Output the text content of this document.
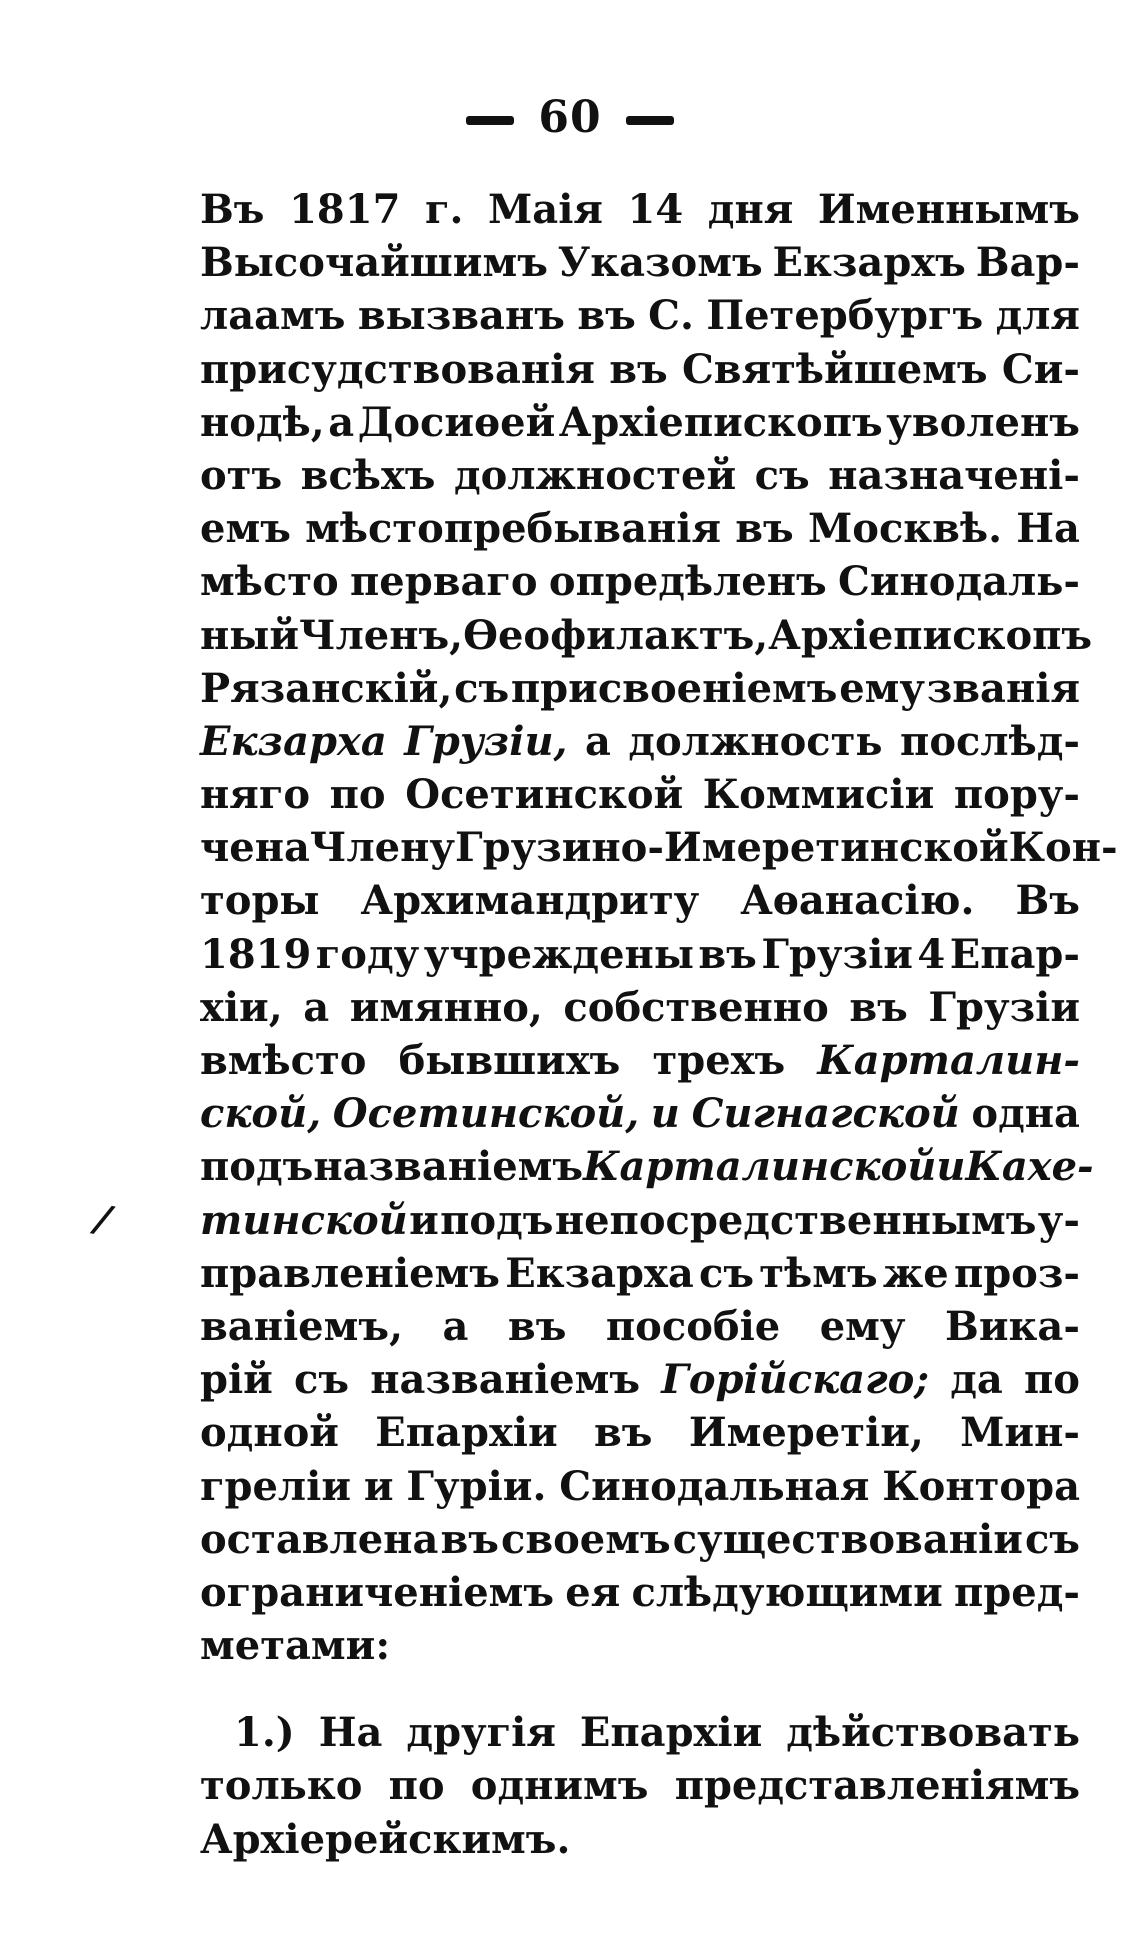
60
/
Въ 1817 г. Маія 14 дня Именнымъ
Высочайшимъ Указомъ Екзархъ Вар-
лаамъ вызванъ въ С. Петербургъ для
присудствованія въ Святѣйшемъ Си-
нодѣ, а Досиѳей Архіепископъ уволенъ
отъ всѣхъ должностей съ назначені-
емъ мѣстопребыванія въ Москвѣ. На
мѣсто первaго опредѣленъ Синодаль-
ный Членъ, Ѳеофилактъ, Архіепископъ
Рязанскій, съ присвоеніемъ ему званія
Екзарха Грузіи, а должность послѣд-
няго по Осетинской Коммисіи пору-
чена Члену Грузино-Имеретинской Кон-
торы Архимандриту Аѳанасію. Въ
1819 году учреждены въ Грузіи 4 Епар-
хіи, а имянно, собственно въ Грузіи
вмѣсто бывшихъ трехъ Карталин-
ской, Осетинской, и Сигнагской одна
подъ названіемъ Карталинской и Кахе-
тинской и подъ непосредственнымъ у-
правленіемъ Екзарха съ тѣмъ же проз-
ваніемъ, а въ пособіе ему Вика-
рій съ названіемъ Горійскаго; да по
одной Епархіи въ Имеретіи, Мин-
греліи и Гуріи. Синодальная Контора
оставлена въ своемъ существованіи съ
ограниченіемъ ея слѣдующими пред-
метами:
1.) На другія Епархіи дѣйствовать
только по однимъ представленіямъ
Архіерейскимъ.
